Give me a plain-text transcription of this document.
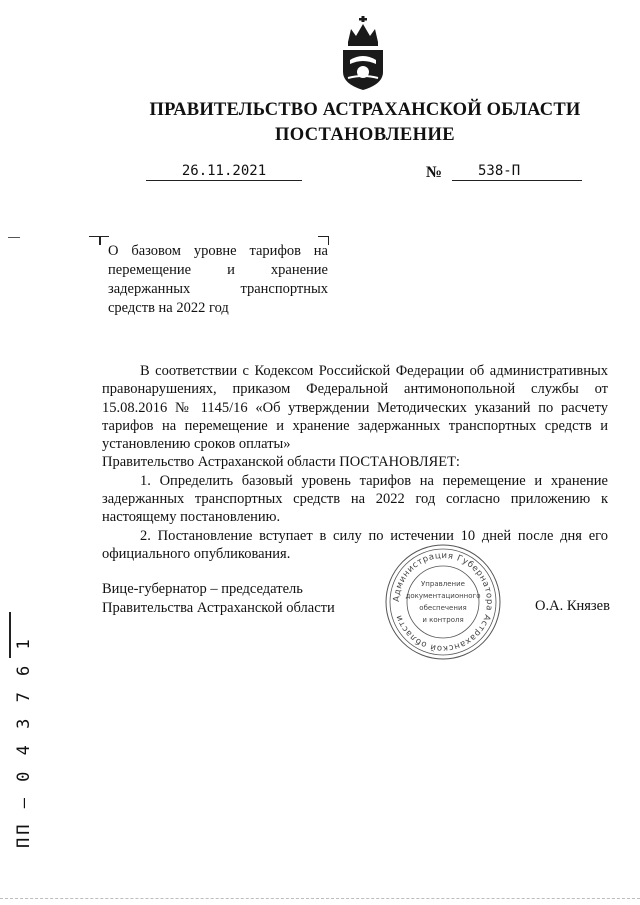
ПРАВИТЕЛЬСТВО АСТРАХАНСКОЙ ОБЛАСТИ
ПОСТАНОВЛЕНИЕ
26.11.2021	№	538-П
О базовом уровне тарифов на перемещение и хранение задержанных транспортных средств на 2022 год

В соответствии с Кодексом Российской Федерации об административных правонарушениях, приказом Федеральной антимонопольной службы от 15.08.2016 № 1145/16 «Об утверждении Методических указаний по расчету тарифов на перемещение и хранение задержанных транспортных средств и установлению сроков оплаты»

Правительство Астраханской области ПОСТАНОВЛЯЕТ:

1. Определить базовый уровень тарифов на перемещение и хранение задержанных транспортных средств на 2022 год согласно приложению к настоящему постановлению.

2. Постановление вступает в силу по истечении 10 дней после дня его официального опубликования.

Вице-губернатор – председатель
Правительства Астраханской области
Администрация Губернатора Астраханской области
Управление
документационного
обеспечения
и контроля
О.А. Князев
ПП – 0 4 3 7 6 1
